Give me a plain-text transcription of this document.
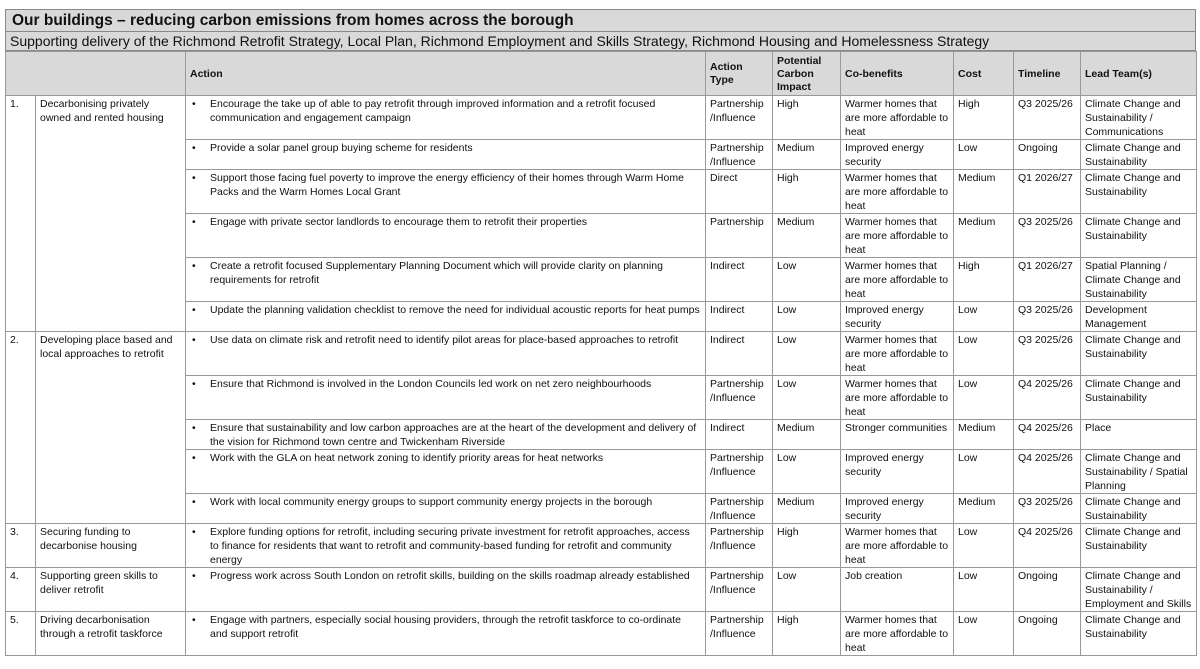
Our buildings – reducing carbon emissions from homes across the borough
Supporting delivery of the Richmond Retrofit Strategy, Local Plan, Richmond Employment and Skills Strategy, Richmond Housing and Homelessness Strategy
		Action	Action Type	Potential Carbon Impact	Co-benefits	Cost	Timeline	Lead Team(s)
1.	Decarbonising privately owned and rented housing	• Encourage the take up of able to pay retrofit through improved information and a retrofit focused communication and engagement campaign	Partnership /Influence	High	Warmer homes that are more affordable to heat	High	Q3 2025/26	Climate Change and Sustainability / Communications

		• Provide a solar panel group buying scheme for residents	Partnership /Influence	Medium	Improved energy security	Low	Ongoing	Climate Change and Sustainability

		• Support those facing fuel poverty to improve the energy efficiency of their homes through Warm Home Packs and the Warm Homes Local Grant	Direct	High	Warmer homes that are more affordable to heat	Medium	Q1 2026/27	Climate Change and Sustainability

		• Engage with private sector landlords to encourage them to retrofit their properties	Partnership	Medium	Warmer homes that are more affordable to heat	Medium	Q3 2025/26	Climate Change and Sustainability

		• Create a retrofit focused Supplementary Planning Document which will provide clarity on planning requirements for retrofit	Indirect	Low	Warmer homes that are more affordable to heat	High	Q1 2026/27	Spatial Planning / Climate Change and Sustainability

		• Update the planning validation checklist to remove the need for individual acoustic reports for heat pumps	Indirect	Low	Improved energy security	Low	Q3 2025/26	Development Management
2.	Developing place based and local approaches to retrofit	• Use data on climate risk and retrofit need to identify pilot areas for place-based approaches to retrofit	Indirect	Low	Warmer homes that are more affordable to heat	Low	Q3 2025/26	Climate Change and Sustainability

		• Ensure that Richmond is involved in the London Councils led work on net zero neighbourhoods	Partnership /Influence	Low	Warmer homes that are more affordable to heat	Low	Q4 2025/26	Climate Change and Sustainability

		• Ensure that sustainability and low carbon approaches are at the heart of the development and delivery of the vision for Richmond town centre and Twickenham Riverside	Indirect	Medium	Stronger communities	Medium	Q4 2025/26	Place

		• Work with the GLA on heat network zoning to identify priority areas for heat networks	Partnership /Influence	Low	Improved energy security	Low	Q4 2025/26	Climate Change and Sustainability / Spatial Planning

		• Work with local community energy groups to support community energy projects in the borough	Partnership /Influence	Medium	Improved energy security	Medium	Q3 2025/26	Climate Change and Sustainability
3.	Securing funding to decarbonise housing	• Explore funding options for retrofit, including securing private investment for retrofit approaches, access to finance for residents that want to retrofit and community-based funding for retrofit and community energy	Partnership /Influence	High	Warmer homes that are more affordable to heat	Low	Q4 2025/26	Climate Change and Sustainability
4.	Supporting green skills to deliver retrofit	• Progress work across South London on retrofit skills, building on the skills roadmap already established	Partnership /Influence	Low	Job creation	Low	Ongoing	Climate Change and Sustainability / Employment and Skills
5.	Driving decarbonisation through a retrofit taskforce	• Engage with partners, especially social housing providers, through the retrofit taskforce to co-ordinate and support retrofit	Partnership /Influence	High	Warmer homes that are more affordable to heat	Low	Ongoing	Climate Change and Sustainability
